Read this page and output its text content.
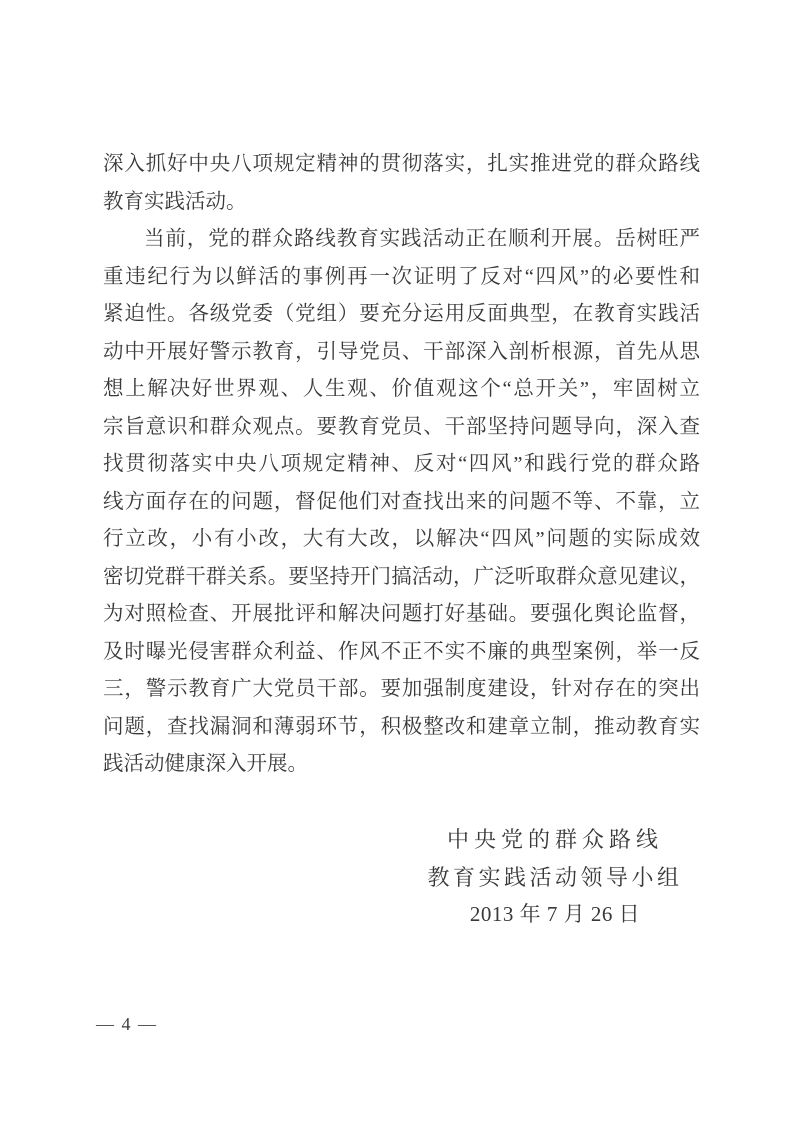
深入抓好中央八项规定精神的贯彻落实，扎实推进党的群众路线
教育实践活动。
当前，党的群众路线教育实践活动正在顺利开展。岳树旺严
重违纪行为以鲜活的事例再一次证明了反对“四风”的必要性和
紧迫性。各级党委（党组）要充分运用反面典型，在教育实践活
动中开展好警示教育，引导党员、干部深入剖析根源，首先从思
想上解决好世界观、人生观、价值观这个“总开关”，牢固树立
宗旨意识和群众观点。要教育党员、干部坚持问题导向，深入查
找贯彻落实中央八项规定精神、反对“四风”和践行党的群众路
线方面存在的问题，督促他们对查找出来的问题不等、不靠，立
行立改，小有小改，大有大改，以解决“四风”问题的实际成效
密切党群干群关系。要坚持开门搞活动，广泛听取群众意见建议，
为对照检查、开展批评和解决问题打好基础。要强化舆论监督，
及时曝光侵害群众利益、作风不正不实不廉的典型案例，举一反
三，警示教育广大党员干部。要加强制度建设，针对存在的突出
问题，查找漏洞和薄弱环节，积极整改和建章立制，推动教育实
践活动健康深入开展。
中央党的群众路线
教育实践活动领导小组
2013 年 7 月 26 日
— 4 —
